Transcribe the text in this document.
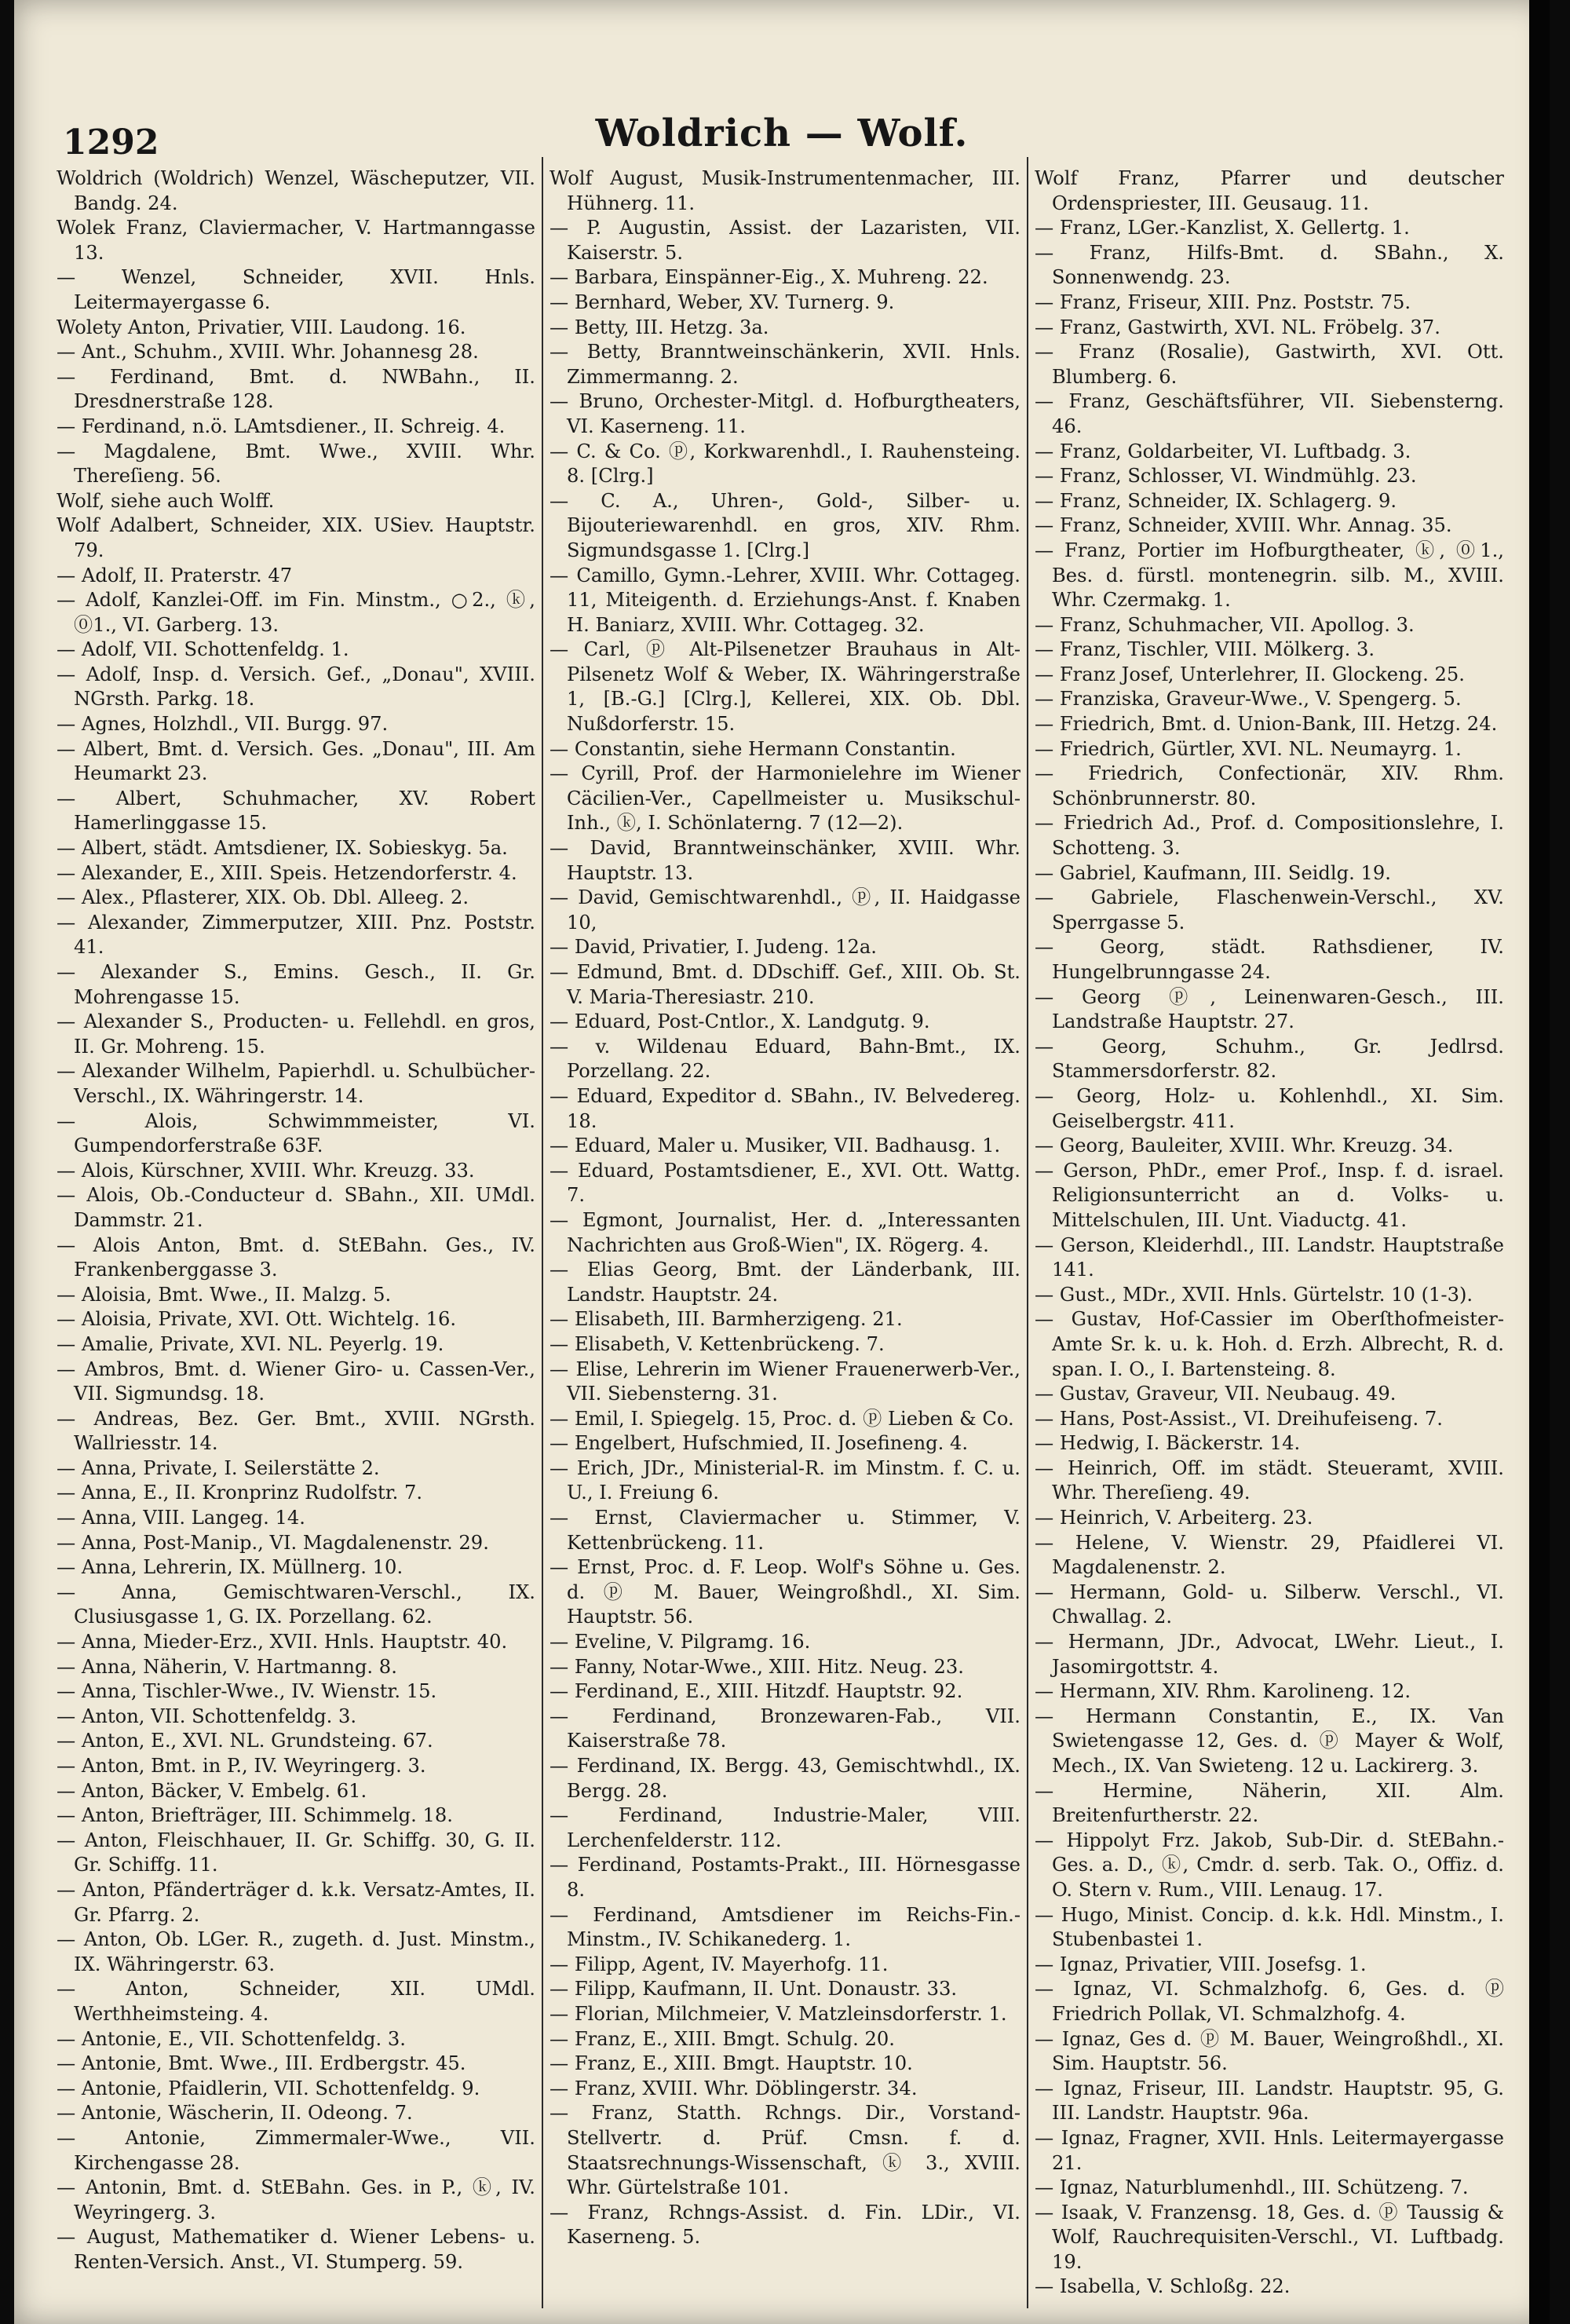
1292	Woldrich — Wolf.

Woldrich (Woldrich) Wenzel, Wäscheputzer, VII. Bandg. 24.

Wolek Franz, Claviermacher, V. Hartmanngasse 13.

— Wenzel, Schneider, XVII. Hnls. Leitermayergasse 6.

Wolety Anton, Privatier, VIII. Laudong. 16.

— Ant., Schuhm., XVIII. Whr. Johannesg 28.

— Ferdinand, Bmt. d. NWBahn., II. Dresdnerstraße 128.

— Ferdinand, n.ö. LAmtsdiener., II. Schreig. 4.

— Magdalene, Bmt. Wwe., XVIII. Whr. Thereſieng. 56.

Wolf, siehe auch Wolff.

Wolf Adalbert, Schneider, XIX. USiev. Hauptstr. 79.

— Adolf, II. Praterstr. 47

— Adolf, Kanzlei-Off. im Fin. Minstm., ○2., ⓚ, ⓪1., VI. Garberg. 13.

— Adolf, VII. Schottenfeldg. 1.

— Adolf, Insp. d. Versich. Gef., „Donau", XVIII. NGrsth. Parkg. 18.

— Agnes, Holzhdl., VII. Burgg. 97.

— Albert, Bmt. d. Versich. Ges. „Donau", III. Am Heumarkt 23.

— Albert, Schuhmacher, XV. Robert Hamerlinggasse 15.

— Albert, städt. Amtsdiener, IX. Sobieskyg. 5a.

— Alexander, E., XIII. Speis. Hetzendorferstr. 4.

— Alex., Pflasterer, XIX. Ob. Dbl. Alleeg. 2.

— Alexander, Zimmerputzer, XIII. Pnz. Poststr. 41.

— Alexander S., Emins. Gesch., II. Gr. Mohrengasse 15.

— Alexander S., Producten- u. Fellehdl. en gros, II. Gr. Mohreng. 15.

— Alexander Wilhelm, Papierhdl. u. Schulbücher-Verschl., IX. Währingerstr. 14.

— Alois, Schwimmmeister, VI. Gumpendorferstraße 63F.

— Alois, Kürschner, XVIII. Whr. Kreuzg. 33.

— Alois, Ob.-Conducteur d. SBahn., XII. UMdl. Dammstr. 21.

— Alois Anton, Bmt. d. StEBahn. Ges., IV. Frankenberggasse 3.

— Aloisia, Bmt. Wwe., II. Malzg. 5.

— Aloisia, Private, XVI. Ott. Wichtelg. 16.

— Amalie, Private, XVI. NL. Peyerlg. 19.

— Ambros, Bmt. d. Wiener Giro- u. Cassen-Ver., VII. Sigmundsg. 18.

— Andreas, Bez. Ger. Bmt., XVIII. NGrsth. Wallriesstr. 14.

— Anna, Private, I. Seilerstätte 2.

— Anna, E., II. Kronprinz Rudolfstr. 7.

— Anna, VIII. Langeg. 14.

— Anna, Post-Manip., VI. Magdalenenstr. 29.

— Anna, Lehrerin, IX. Müllnerg. 10.

— Anna, Gemischtwaren-Verschl., IX. Clusiusgasse 1, G. IX. Porzellang. 62.

— Anna, Mieder-Erz., XVII. Hnls. Hauptstr. 40.

— Anna, Näherin, V. Hartmanng. 8.

— Anna, Tischler-Wwe., IV. Wienstr. 15.

— Anton, VII. Schottenfeldg. 3.

— Anton, E., XVI. NL. Grundsteing. 67.

— Anton, Bmt. in P., IV. Weyringerg. 3.

— Anton, Bäcker, V. Embelg. 61.

— Anton, Briefträger, III. Schimmelg. 18.

— Anton, Fleischhauer, II. Gr. Schiffg. 30, G. II. Gr. Schiffg. 11.

— Anton, Pfänderträger d. k.k. Versatz-Amtes, II. Gr. Pfarrg. 2.

— Anton, Ob. LGer. R., zugeth. d. Just. Minstm., IX. Währingerstr. 63.

— Anton, Schneider, XII. UMdl. Werthheimsteing. 4.

— Antonie, E., VII. Schottenfeldg. 3.

— Antonie, Bmt. Wwe., III. Erdbergstr. 45.

— Antonie, Pfaidlerin, VII. Schottenfeldg. 9.

— Antonie, Wäscherin, II. Odeong. 7.

— Antonie, Zimmermaler-Wwe., VII. Kirchengasse 28.

— Antonin, Bmt. d. StEBahn. Ges. in P., ⓚ, IV. Weyringerg. 3.

— August, Mathematiker d. Wiener Lebens- u. Renten-Versich. Anst., VI. Stumperg. 59.

Wolf August, Musik-Instrumentenmacher, III. Hühnerg. 11.

— P. Augustin, Assist. der Lazaristen, VII. Kaiserstr. 5.

— Barbara, Einspänner-Eig., X. Muhreng. 22.

— Bernhard, Weber, XV. Turnerg. 9.

— Betty, III. Hetzg. 3a.

— Betty, Branntweinschänkerin, XVII. Hnls. Zimmermanng. 2.

— Bruno, Orchester-Mitgl. d. Hofburgtheaters, VI. Kaserneng. 11.

— C. & Co. ⓟ, Korkwarenhdl., I. Rauhensteing. 8. [Clrg.]

— C. A., Uhren-, Gold-, Silber- u. Bijouteriewarenhdl. en gros, XIV. Rhm. Sigmundsgasse 1. [Clrg.]

— Camillo, Gymn.-Lehrer, XVIII. Whr. Cottageg. 11, Miteigenth. d. Erziehungs-Anst. f. Knaben H. Baniarz, XVIII. Whr. Cottageg. 32.

— Carl, ⓟ Alt-Pilsenetzer Brauhaus in Alt-Pilsenetz Wolf & Weber, IX. Währingerstraße 1, [B.-G.] [Clrg.], Kellerei, XIX. Ob. Dbl. Nußdorferstr. 15.

— Constantin, siehe Hermann Constantin.

— Cyrill, Prof. der Harmonielehre im Wiener Cäcilien-Ver., Capellmeister u. Musikschul-Inh., ⓚ, I. Schönlaterng. 7 (12—2).

— David, Branntweinschänker, XVIII. Whr. Hauptstr. 13.

— David, Gemischtwarenhdl., ⓟ, II. Haidgasse 10,

— David, Privatier, I. Judeng. 12a.

— Edmund, Bmt. d. DDschiff. Gef., XIII. Ob. St. V. Maria-Theresiastr. 210.

— Eduard, Post-Cntlor., X. Landgutg. 9.

— v. Wildenau Eduard, Bahn-Bmt., IX. Porzellang. 22.

— Eduard, Expeditor d. SBahn., IV. Belvedereg. 18.

— Eduard, Maler u. Musiker, VII. Badhausg. 1.

— Eduard, Postamtsdiener, E., XVI. Ott. Wattg. 7.

— Egmont, Journalist, Her. d. „Interessanten Nachrichten aus Groß-Wien", IX. Rögerg. 4.

— Elias Georg, Bmt. der Länderbank, III. Landstr. Hauptstr. 24.

— Elisabeth, III. Barmherzigeng. 21.

— Elisabeth, V. Kettenbrückeng. 7.

— Elise, Lehrerin im Wiener Frauenerwerb-Ver., VII. Siebensterng. 31.

— Emil, I. Spiegelg. 15, Proc. d. ⓟ Lieben & Co.

— Engelbert, Hufschmied, II. Josefineng. 4.

— Erich, JDr., Ministerial-R. im Minstm. f. C. u. U., I. Freiung 6.

— Ernst, Claviermacher u. Stimmer, V. Kettenbrückeng. 11.

— Ernst, Proc. d. F. Leop. Wolf's Söhne u. Ges. d. ⓟ M. Bauer, Weingroßhdl., XI. Sim. Hauptstr. 56.

— Eveline, V. Pilgramg. 16.

— Fanny, Notar-Wwe., XIII. Hitz. Neug. 23.

— Ferdinand, E., XIII. Hitzdf. Hauptstr. 92.

— Ferdinand, Bronzewaren-Fab., VII. Kaiserstraße 78.

— Ferdinand, IX. Bergg. 43, Gemischtwhdl., IX. Bergg. 28.

— Ferdinand, Industrie-Maler, VIII. Lerchenfelderstr. 112.

— Ferdinand, Postamts-Prakt., III. Hörnesgasse 8.

— Ferdinand, Amtsdiener im Reichs-Fin.-Minstm., IV. Schikanederg. 1.

— Filipp, Agent, IV. Mayerhofg. 11.

— Filipp, Kaufmann, II. Unt. Donaustr. 33.

— Florian, Milchmeier, V. Matzleinsdorferstr. 1.

— Franz, E., XIII. Bmgt. Schulg. 20.

— Franz, E., XIII. Bmgt. Hauptstr. 10.

— Franz, XVIII. Whr. Döblingerstr. 34.

— Franz, Statth. Rchngs. Dir., Vorstand-Stellvertr. d. Prüf. Cmsn. f. d. Staatsrechnungs-Wissenschaft, ⓚ 3., XVIII. Whr. Gürtelstraße 101.

— Franz, Rchngs-Assist. d. Fin. LDir., VI. Kaserneng. 5.

Wolf Franz, Pfarrer und deutscher Ordenspriester, III. Geusaug. 11.

— Franz, LGer.-Kanzlist, X. Gellertg. 1.

— Franz, Hilfs-Bmt. d. SBahn., X. Sonnenwendg. 23.

— Franz, Friseur, XIII. Pnz. Poststr. 75.

— Franz, Gastwirth, XVI. NL. Fröbelg. 37.

— Franz (Rosalie), Gastwirth, XVI. Ott. Blumberg. 6.

— Franz, Geschäftsführer, VII. Siebensterng. 46.

— Franz, Goldarbeiter, VI. Luftbadg. 3.

— Franz, Schlosser, VI. Windmühlg. 23.

— Franz, Schneider, IX. Schlagerg. 9.

— Franz, Schneider, XVIII. Whr. Annag. 35.

— Franz, Portier im Hofburgtheater, ⓚ, ⓪1., Bes. d. fürstl. montenegrin. silb. M., XVIII. Whr. Czermakg. 1.

— Franz, Schuhmacher, VII. Apollog. 3.

— Franz, Tischler, VIII. Mölkerg. 3.

— Franz Josef, Unterlehrer, II. Glockeng. 25.

— Franziska, Graveur-Wwe., V. Spengerg. 5.

— Friedrich, Bmt. d. Union-Bank, III. Hetzg. 24.

— Friedrich, Gürtler, XVI. NL. Neumayrg. 1.

— Friedrich, Confectionär, XIV. Rhm. Schönbrunnerstr. 80.

— Friedrich Ad., Prof. d. Compositionslehre, I. Schotteng. 3.

— Gabriel, Kaufmann, III. Seidlg. 19.

— Gabriele, Flaschenwein-Verschl., XV. Sperrgasse 5.

— Georg, städt. Rathsdiener, IV. Hungelbrunngasse 24.

— Georg ⓟ, Leinenwaren-Gesch., III. Landstraße Hauptstr. 27.

— Georg, Schuhm., Gr. Jedlrsd. Stammersdorferstr. 82.

— Georg, Holz- u. Kohlenhdl., XI. Sim. Geiselbergstr. 411.

— Georg, Bauleiter, XVIII. Whr. Kreuzg. 34.

— Gerson, PhDr., emer Prof., Insp. f. d. israel. Religionsunterricht an d. Volks- u. Mittelschulen, III. Unt. Viaductg. 41.

— Gerson, Kleiderhdl., III. Landstr. Hauptstraße 141.

— Gust., MDr., XVII. Hnls. Gürtelstr. 10 (1-3).

— Gustav, Hof-Cassier im Oberſthofmeister-Amte Sr. k. u. k. Hoh. d. Erzh. Albrecht, R. d. span. I. O., I. Bartensteing. 8.

— Gustav, Graveur, VII. Neubaug. 49.

— Hans, Post-Assist., VI. Dreihufeiseng. 7.

— Hedwig, I. Bäckerstr. 14.

— Heinrich, Off. im städt. Steueramt, XVIII. Whr. Thereſieng. 49.

— Heinrich, V. Arbeiterg. 23.

— Helene, V. Wienstr. 29, Pfaidlerei VI. Magdalenenstr. 2.

— Hermann, Gold- u. Silberw. Verschl., VI. Chwallag. 2.

— Hermann, JDr., Advocat, LWehr. Lieut., I. Jasomirgottstr. 4.

— Hermann, XIV. Rhm. Karolineng. 12.

— Hermann Constantin, E., IX. Van Swietengasse 12, Ges. d. ⓟ Mayer & Wolf, Mech., IX. Van Swieteng. 12 u. Lackirerg. 3.

— Hermine, Näherin, XII. Alm. Breitenfurtherstr. 22.

— Hippolyt Frz. Jakob, Sub-Dir. d. StEBahn.-Ges. a. D., ⓚ, Cmdr. d. serb. Tak. O., Offiz. d. O. Stern v. Rum., VIII. Lenaug. 17.

— Hugo, Minist. Concip. d. k.k. Hdl. Minstm., I. Stubenbastei 1.

— Ignaz, Privatier, VIII. Josefsg. 1.

— Ignaz, VI. Schmalzhofg. 6, Ges. d. ⓟ Friedrich Pollak, VI. Schmalzhofg. 4.

— Ignaz, Ges d. ⓟ M. Bauer, Weingroßhdl., XI. Sim. Hauptstr. 56.

— Ignaz, Friseur, III. Landstr. Hauptstr. 95, G. III. Landstr. Hauptstr. 96a.

— Ignaz, Fragner, XVII. Hnls. Leitermayergasse 21.

— Ignaz, Naturblumenhdl., III. Schützeng. 7.

— Isaak, V. Franzensg. 18, Ges. d. ⓟ Taussig & Wolf, Rauchrequisiten-Verschl., VI. Luftbadg. 19.

— Isabella, V. Schloßg. 22.
